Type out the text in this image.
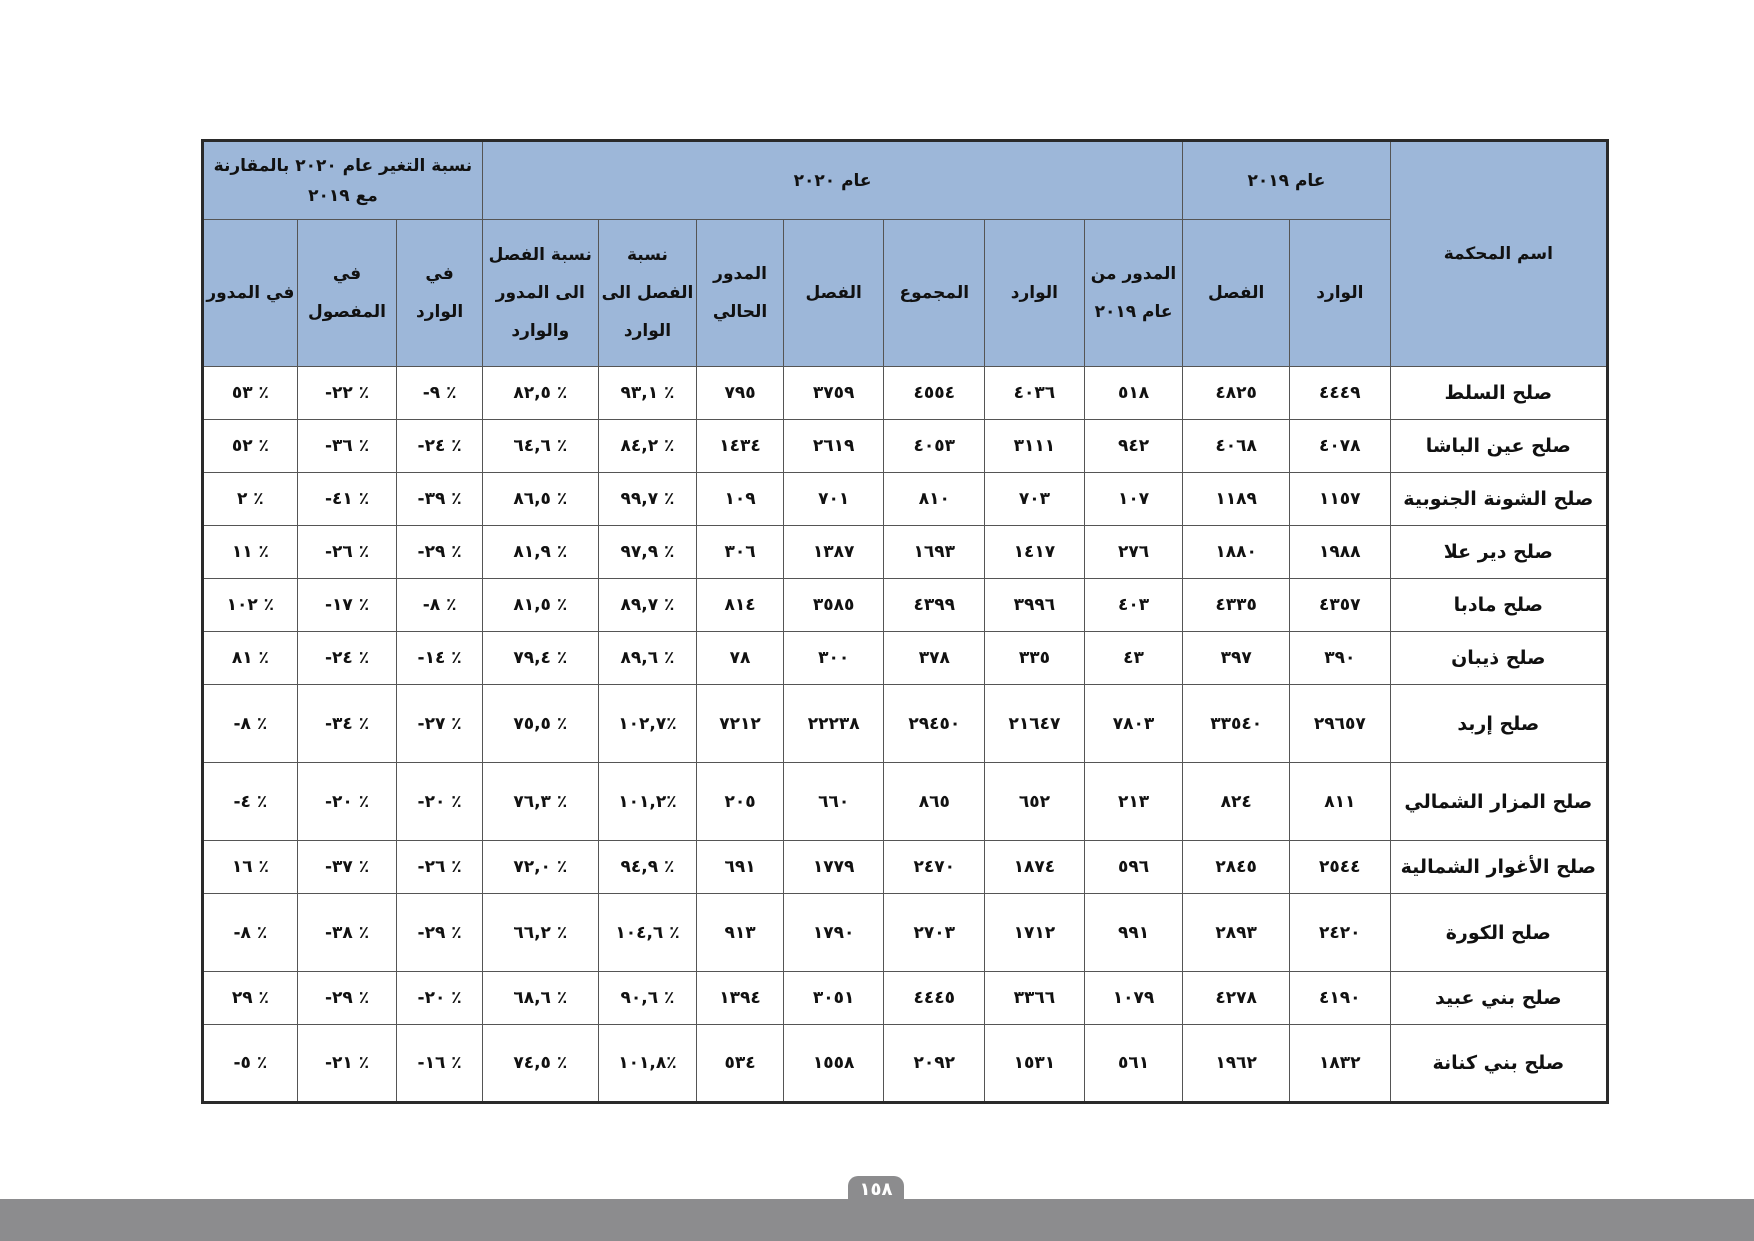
اسم المحكمة	عام ٢٠١٩		عام ٢٠٢٠							نسبة التغير عام ٢٠٢٠ بالمقارنة مع ٢٠١٩		
	الوارد	الفصل	المدور من عام ٢٠١٩	الوارد	المجموع	الفصل	المدور الحالي	نسبة الفصل الى الوارد	نسبة الفصل الى المدور والوارد	في الوارد	في المفصول	في المدور
صلح السلط	٤٤٤٩	٤٨٢٥	٥١٨	٤٠٣٦	٤٥٥٤	٣٧٥٩	٧٩٥	٪ ٩٣,١	٪ ٨٢,٥	٪ ٩-	٪ ٢٢-	٪ ٥٣
صلح عين الباشا	٤٠٧٨	٤٠٦٨	٩٤٢	٣١١١	٤٠٥٣	٢٦١٩	١٤٣٤	٪ ٨٤,٢	٪ ٦٤,٦	٪ ٢٤-	٪ ٣٦-	٪ ٥٢
صلح الشونة الجنوبية	١١٥٧	١١٨٩	١٠٧	٧٠٣	٨١٠	٧٠١	١٠٩	٪ ٩٩,٧	٪ ٨٦,٥	٪ ٣٩-	٪ ٤١-	٪ ٢
صلح دير علا	١٩٨٨	١٨٨٠	٢٧٦	١٤١٧	١٦٩٣	١٣٨٧	٣٠٦	٪ ٩٧,٩	٪ ٨١,٩	٪ ٢٩-	٪ ٢٦-	٪ ١١
صلح مادبا	٤٣٥٧	٤٣٣٥	٤٠٣	٣٩٩٦	٤٣٩٩	٣٥٨٥	٨١٤	٪ ٨٩,٧	٪ ٨١,٥	٪ ٨-	٪ ١٧-	٪ ١٠٢
صلح ذيبان	٣٩٠	٣٩٧	٤٣	٣٣٥	٣٧٨	٣٠٠	٧٨	٪ ٨٩,٦	٪ ٧٩,٤	٪ ١٤-	٪ ٢٤-	٪ ٨١
صلح إربد	٢٩٦٥٧	٣٣٥٤٠	٧٨٠٣	٢١٦٤٧	٢٩٤٥٠	٢٢٢٣٨	٧٢١٢	٪١٠٢,٧	٪ ٧٥,٥	٪ ٢٧-	٪ ٣٤-	٪ ٨-
صلح المزار الشمالي	٨١١	٨٢٤	٢١٣	٦٥٢	٨٦٥	٦٦٠	٢٠٥	٪١٠١,٢	٪ ٧٦,٣	٪ ٢٠-	٪ ٢٠-	٪ ٤-
صلح الأغوار الشمالية	٢٥٤٤	٢٨٤٥	٥٩٦	١٨٧٤	٢٤٧٠	١٧٧٩	٦٩١	٪ ٩٤,٩	٪ ٧٢,٠	٪ ٢٦-	٪ ٣٧-	٪ ١٦
صلح الكورة	٢٤٢٠	٢٨٩٣	٩٩١	١٧١٢	٢٧٠٣	١٧٩٠	٩١٣	٪ ١٠٤,٦	٪ ٦٦,٢	٪ ٢٩-	٪ ٣٨-	٪ ٨-
صلح بني عبيد	٤١٩٠	٤٢٧٨	١٠٧٩	٣٣٦٦	٤٤٤٥	٣٠٥١	١٣٩٤	٪ ٩٠,٦	٪ ٦٨,٦	٪ ٢٠-	٪ ٢٩-	٪ ٢٩
صلح بني كنانة	١٨٣٢	١٩٦٢	٥٦١	١٥٣١	٢٠٩٢	١٥٥٨	٥٣٤	٪١٠١,٨	٪ ٧٤,٥	٪ ١٦-	٪ ٢١-	٪ ٥-
١٥٨
